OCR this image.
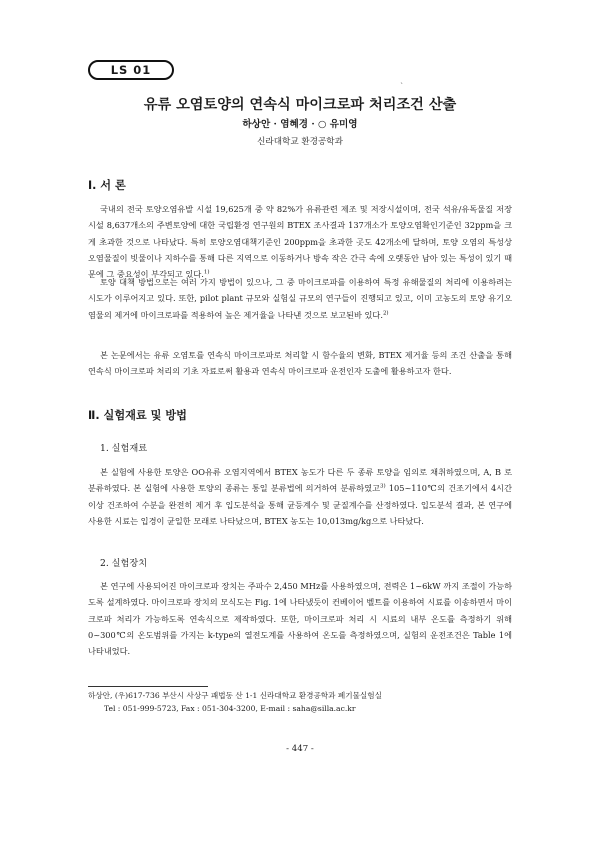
LS 01
`
유류 오염토양의 연속식 마이크로파 처리조건 산출
하상안 · 염혜경 · ○ 유미영
신라대학교 환경공학과
Ⅰ. 서 론

국내의 전국 토양오염유발 시설 19,625개 중 약 82%가 유류관련 제조 및 저장시설이며, 전국 석유/유독물질 저장시설 8,637개소의 주변토양에 대한 국립환경 연구원의 BTEX 조사결과 137개소가 토양오염확인기준인 32ppm을 크게 초과한 것으로 나타났다. 특히 토양오염대책기준인 200ppm을 초과한 곳도 42개소에 달하며, 토양 오염의 특성상 오염물질이 빗물이나 지하수를 통해 다른 지역으로 이동하거나 방속 작은 간극 속에 오랫동안 남아 있는 특성이 있기 때문에 그 중요성이 부각되고 있다.$^{1)}$

토양 대책 방법으로는 여러 가지 방법이 있으나, 그 중 마이크로파를 이용하여 특정 유해물질의 처리에 이용하려는 시도가 이루어지고 있다. 또한, pilot plant 규모와 실험실 규모의 연구들이 진행되고 있고, 이미 고농도의 토양 유기오염물의 제거에 마이크로파를 적용하여 높은 제거율을 나타낸 것으로 보고된바 있다.$^{2)}$

본 논문에서는 유류 오염토를 연속식 마이크로파로 처리할 시 함수율의 변화, BTEX 제거율 등의 조건 산출을 통해 연속식 마이크로파 처리의 기초 자료로써 활용과 연속식 마이크로파 운전인자 도출에 활용하고자 한다.

Ⅱ. 실험재료 및 방법
1. 실험재료

본 실험에 사용한 토양은 OO유류 오염지역에서 BTEX 농도가 다른 두 종류 토양을 임의로 채취하였으며, A, B 로 분류하였다. 본 실험에 사용한 토양의 종류는 통일 분류법에 의거하여 분류하였고$^{3)}$ 105~110℃의 건조기에서 4시간 이상 건조하여 수분을 완전히 제거 후 입도분석을 통해 균등계수 및 균질계수를 산정하였다. 입도분석 결과, 본 연구에 사용한 시료는 입경이 균일한 모래로 나타났으며, BTEX 농도는 10,013mg/kg으로 나타났다.

2. 실험장치

본 연구에 사용되어진 마이크로파 장치는 주파수 2,450 MHz를 사용하였으며, 전력은 1~6kW 까지 조절이 가능하도록 설계하였다. 마이크로파 장치의 모식도는 Fig. 1에 나타냈듯이 컨베이어 벨트를 이용하여 시료를 이송하면서 마이크로파 처리가 가능하도록 연속식으로 제작하였다. 또한, 마이크로파 처리 시 시료의 내부 온도를 측정하기 위해 0~300℃의 온도범위를 가지는 k-type의 열전도계를 사용하여 온도를 측정하였으며, 실험의 운전조건은 Table 1에 나타내었다.

하상안, (우)617-736 부산시 사상구 괘법동 산 1-1 신라대학교 환경공학과 폐기물실험실
Tel : 051-999-5723, Fax : 051-304-3200, E-mail : saha@silla.ac.kr
- 447 -
